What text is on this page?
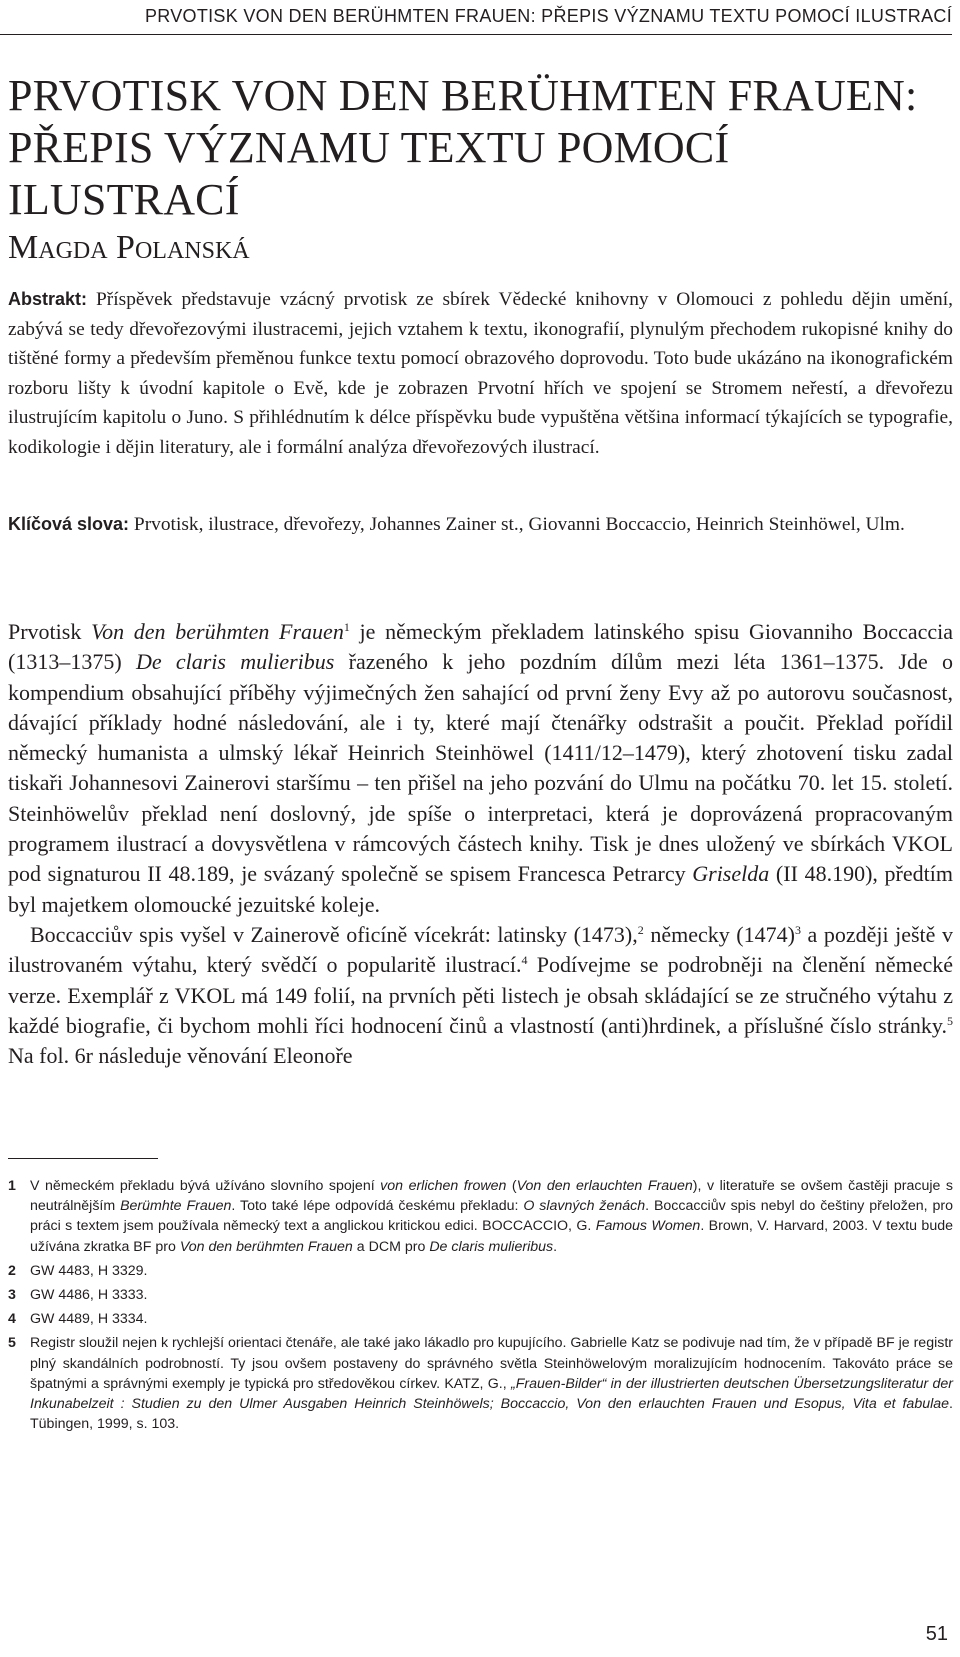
PRVOTISK VON DEN BERÜHMTEN FRAUEN: PŘEPIS VÝZNAMU TEXTU POMOCÍ ILUSTRACÍ
PRVOTISK VON DEN BERÜHMTEN FRAUEN:
PŘEPIS VÝZNAMU TEXTU POMOCÍ ILUSTRACÍ
Magda Polanská
Abstrakt: Příspěvek představuje vzácný prvotisk ze sbírek Vědecké knihovny v Olomouci z pohledu dějin umění, zabývá se tedy dřevořezovými ilustracemi, jejich vztahem k textu, ikonografií, plynulým přechodem rukopisné knihy do tištěné formy a především přeměnou funkce textu pomocí obrazového doprovodu. Toto bude ukázáno na ikonografickém rozboru lišty k úvodní kapitole o Evě, kde je zobrazen Prvotní hřích ve spojení se Stromem neřestí, a dřevořezu ilustrujícím kapitolu o Juno. S přihlédnutím k délce příspěvku bude vypuštěna většina informací týkajících se typografie, kodikologie i dějin literatury, ale i formální analýza dřevořezových ilustrací.
Klíčová slova: Prvotisk, ilustrace, dřevořezy, Johannes Zainer st., Giovanni Boccaccio, Heinrich Steinhöwel, Ulm.

Prvotisk Von den berühmten Frauen$^1$ je německým překladem latinského spisu Giovanniho Boccaccia (1313–1375) De claris mulieribus řazeného k jeho pozdním dílům mezi léta 1361–1375. Jde o kompendium obsahující příběhy výjimečných žen sahající od první ženy Evy až po autorovu současnost, dávající příklady hodné následování, ale i ty, které mají čtenářky odstrašit a poučit. Překlad pořídil německý humanista a ulmský lékař Heinrich Steinhöwel (1411/12–1479), který zhotovení tisku zadal tiskaři Johannesovi Zainerovi staršímu – ten přišel na jeho pozvání do Ulmu na počátku 70. let 15. století. Steinhöwelův překlad není doslovný, jde spíše o interpretaci, která je doprovázená propracovaným programem ilustrací a dovysvětlena v rámcových částech knihy. Tisk je dnes uložený ve sbírkách VKOL pod signaturou II 48.189, je svázaný společně se spisem Francesca Petrarcy Griselda (II 48.190), předtím byl majetkem olomoucké jezuitské koleje.

Boccacciův spis vyšel v Zainerově oficíně vícekrát: latinsky (1473),$^2$ německy $(1474)^3$ a později ještě v ilustrovaném výtahu, který svědčí o popularitě ilustrací.$^4$ Podívejme se podrobněji na členění německé verze. Exemplář z VKOL má 149 folií, na prvních pěti listech je obsah skládající se ze stručného výtahu z každé biografie, či bychom mohli říci hodnocení činů a vlastností (anti)hrdinek, a příslušné číslo stránky.$^5$ Na fol. 6r následuje věnování Eleonoře

1 V německém překladu bývá užíváno slovního spojení von erlichen frowen (Von den erlauchten Frauen), v literatuře se ovšem častěji pracuje s neutrálnějším Berümhte Frauen. Toto také lépe odpovídá českému překladu: O slavných ženách. Boccacciův spis nebyl do češtiny přeložen, pro práci s textem jsem používala německý text a anglickou kritickou edici. BOCCACCIO, G. Famous Women. Brown, V. Harvard, 2003. V textu bude užívána zkratka BF pro Von den berühmten Frauen a DCM pro De claris mulieribus.
2 GW 4483, H 3329.
3 GW 4486, H 3333.
4 GW 4489, H 3334.
5 Registr sloužil nejen k rychlejší orientaci čtenáře, ale také jako lákadlo pro kupujícího. Gabrielle Katz se podivuje nad tím, že v případě BF je registr plný skandálních podrobností. Ty jsou ovšem postaveny do správného světla Steinhöwelovým moralizujícím hodnocením. Takováto práce se špatnými a správnými exemply je typická pro středověkou církev. KATZ, G., „Frauen-Bilder“ in der illustrierten deutschen Übersetzungsliteratur der Inkunabelzeit : Studien zu den Ulmer Ausgaben Heinrich Steinhöwels; Boccaccio, Von den erlauchten Frauen und Esopus, Vita et fabulae. Tübingen, 1999, s. 103.
51
